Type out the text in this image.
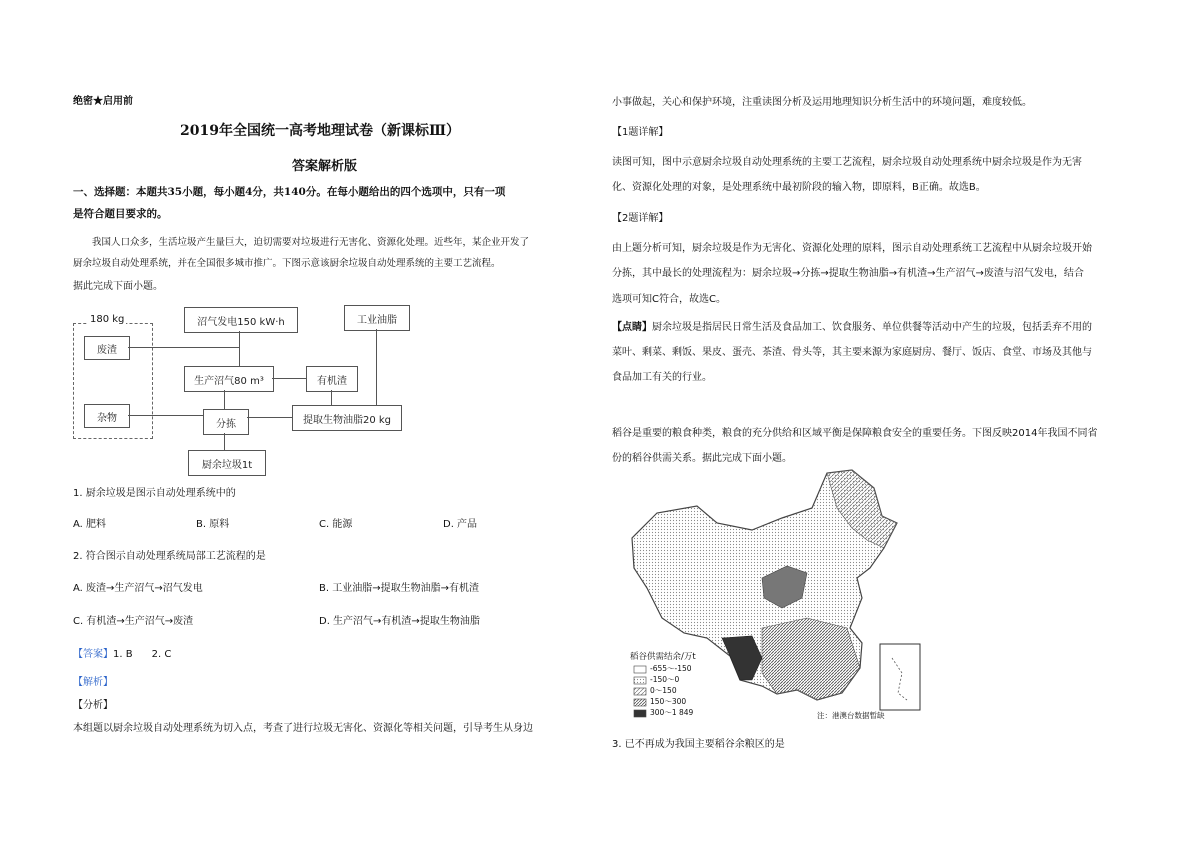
绝密★启用前
2019年全国统一高考地理试卷（新课标Ⅲ）
答案解析版
一、选择题：本题共35小题，每小题4分，共140分。在每小题给出的四个选项中，只有一项
是符合题目要求的。
我国人口众多，生活垃圾产生量巨大，迫切需要对垃圾进行无害化、资源化处理。近些年，某企业开发了
厨余垃圾自动处理系统，并在全国很多城市推广。下图示意该厨余垃圾自动处理系统的主要工艺流程。
据此完成下面小题。
180 kg
废渣
杂物
沼气发电150 kW·h
生产沼气80 m³
分拣
厨余垃圾1t
工业油脂
有机渣
提取生物油脂20 kg
1. 厨余垃圾是图示自动处理系统中的
A. 肥料	B. 原料	C. 能源	D. 产品
2. 符合图示自动处理系统局部工艺流程的是
A. 废渣→生产沼气→沼气发电	B. 工业油脂→提取生物油脂→有机渣
C. 有机渣→生产沼气→废渣	D. 生产沼气→有机渣→提取生物油脂
【答案】1. B      2. C
【解析】
【分析】
本组题以厨余垃圾自动处理系统为切入点，考查了进行垃圾无害化、资源化等相关问题，引导考生从身边
小事做起，关心和保护环境，注重读图分析及运用地理知识分析生活中的环境问题，难度较低。
【1题详解】
读图可知，图中示意厨余垃圾自动处理系统的主要工艺流程，厨余垃圾自动处理系统中厨余垃圾是作为无害
化、资源化处理的对象，是处理系统中最初阶段的输入物，即原料，B正确。故选B。
【2题详解】
由上题分析可知，厨余垃圾是作为无害化、资源化处理的原料，图示自动处理系统工艺流程中从厨余垃圾开始
分拣，其中最长的处理流程为：厨余垃圾→分拣→提取生物油脂→有机渣→生产沼气→废渣与沼气发电，结合
选项可知C符合，故选C。
【点睛】厨余垃圾是指居民日常生活及食品加工、饮食服务、单位供餐等活动中产生的垃圾，包括丢弃不用的
菜叶、剩菜、剩饭、果皮、蛋壳、茶渣、骨头等，其主要来源为家庭厨房、餐厅、饭店、食堂、市场及其他与
食品加工有关的行业。
稻谷是重要的粮食种类，粮食的充分供给和区域平衡是保障粮食安全的重要任务。下图反映2014年我国不同省
份的稻谷供需关系。据此完成下面小题。
稻谷供需结余/万t
-655～-150
-150～0
0～150
150～300
300～1 849	注：港澳台数据暂缺
3. 已不再成为我国主要稻谷余粮区的是
